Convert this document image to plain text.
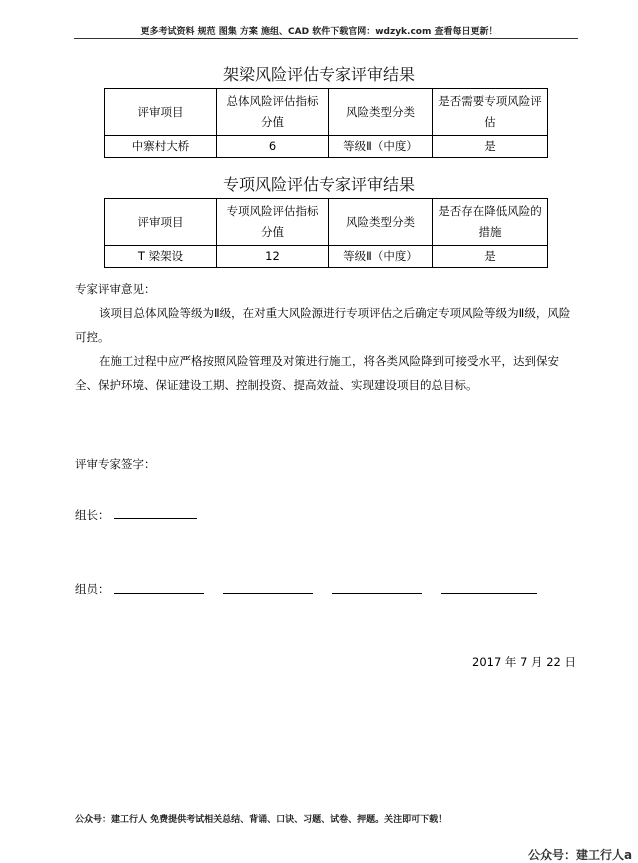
更多考试资料 规范 图集 方案 施组、CAD 软件下载官网：wdzyk.com 查看每日更新！
架梁风险评估专家评审结果
评审项目	总体风险评估指标分值	风险类型分类	是否需要专项风险评估
中寨村大桥	6	等级Ⅱ（中度）	是
专项风险评估专家评审结果
评审项目	专项风险评估指标分值	风险类型分类	是否存在降低风险的措施
T 梁架设	12	等级Ⅱ（中度）	是
专家评审意见：
该项目总体风险等级为Ⅱ级，在对重大风险源进行专项评估之后确定专项风险等级为Ⅱ级，风险可控。
在施工过程中应严格按照风险管理及对策进行施工，将各类风险降到可接受水平，达到保安全、保护环境、保证建设工期、控制投资、提高效益、实现建设项目的总目标。
评审专家签字：
组长：
组员：
2017 年 7 月 22 日
公众号：建工行人 免费提供考试相关总结、背诵、口诀、习题、试卷、押题。关注即可下载！
公众号：建工行人a
